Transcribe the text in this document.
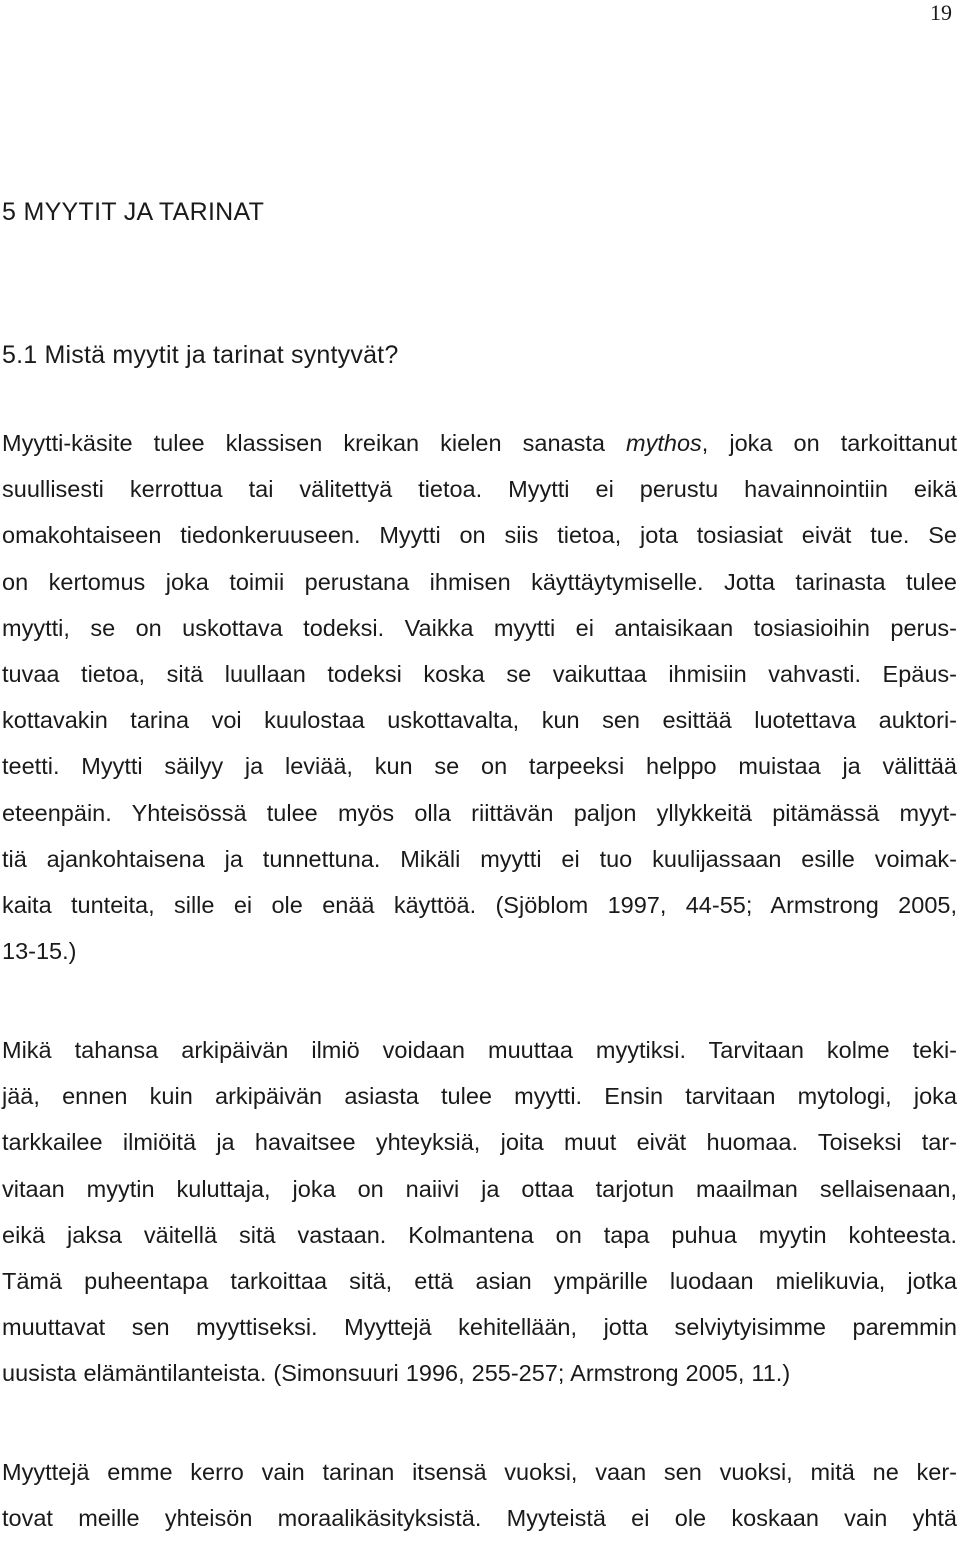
19
5 MYYTIT JA TARINAT
5.1 Mistä myytit ja tarinat syntyvät?

Myytti-käsite tulee klassisen kreikan kielen sanasta mythos, joka on tarkoittanut
suullisesti kerrottua tai välitettyä tietoa. Myytti ei perustu havainnointiin eikä
omakohtaiseen tiedonkeruuseen. Myytti on siis tietoa, jota tosiasiat eivät tue. Se
on kertomus joka toimii perustana ihmisen käyttäytymiselle. Jotta tarinasta tulee
myytti, se on uskottava todeksi. Vaikka myytti ei antaisikaan tosiasioihin perus-
tuvaa tietoa, sitä luullaan todeksi koska se vaikuttaa ihmisiin vahvasti. Epäus-
kottavakin tarina voi kuulostaa uskottavalta, kun sen esittää luotettava auktori-
teetti. Myytti säilyy ja leviää, kun se on tarpeeksi helppo muistaa ja välittää
eteenpäin. Yhteisössä tulee myös olla riittävän paljon yllykkeitä pitämässä myyt-
tiä ajankohtaisena ja tunnettuna. Mikäli myytti ei tuo kuulijassaan esille voimak-
kaita tunteita, sille ei ole enää käyttöä. (Sjöblom 1997, 44-55; Armstrong 2005,
13-15.)

Mikä tahansa arkipäivän ilmiö voidaan muuttaa myytiksi. Tarvitaan kolme teki-
jää, ennen kuin arkipäivän asiasta tulee myytti. Ensin tarvitaan mytologi, joka
tarkkailee ilmiöitä ja havaitsee yhteyksiä, joita muut eivät huomaa. Toiseksi tar-
vitaan myytin kuluttaja, joka on naiivi ja ottaa tarjotun maailman sellaisenaan,
eikä jaksa väitellä sitä vastaan. Kolmantena on tapa puhua myytin kohteesta.
Tämä puheentapa tarkoittaa sitä, että asian ympärille luodaan mielikuvia, jotka
muuttavat sen myyttiseksi. Myyttejä kehitellään, jotta selviytyisimme paremmin
uusista elämäntilanteista. (Simonsuuri 1996, 255-257; Armstrong 2005, 11.)

Myyttejä emme kerro vain tarinan itsensä vuoksi, vaan sen vuoksi, mitä ne ker-
tovat meille yhteisön moraalikäsityksistä. Myyteistä ei ole koskaan vain yhtä
